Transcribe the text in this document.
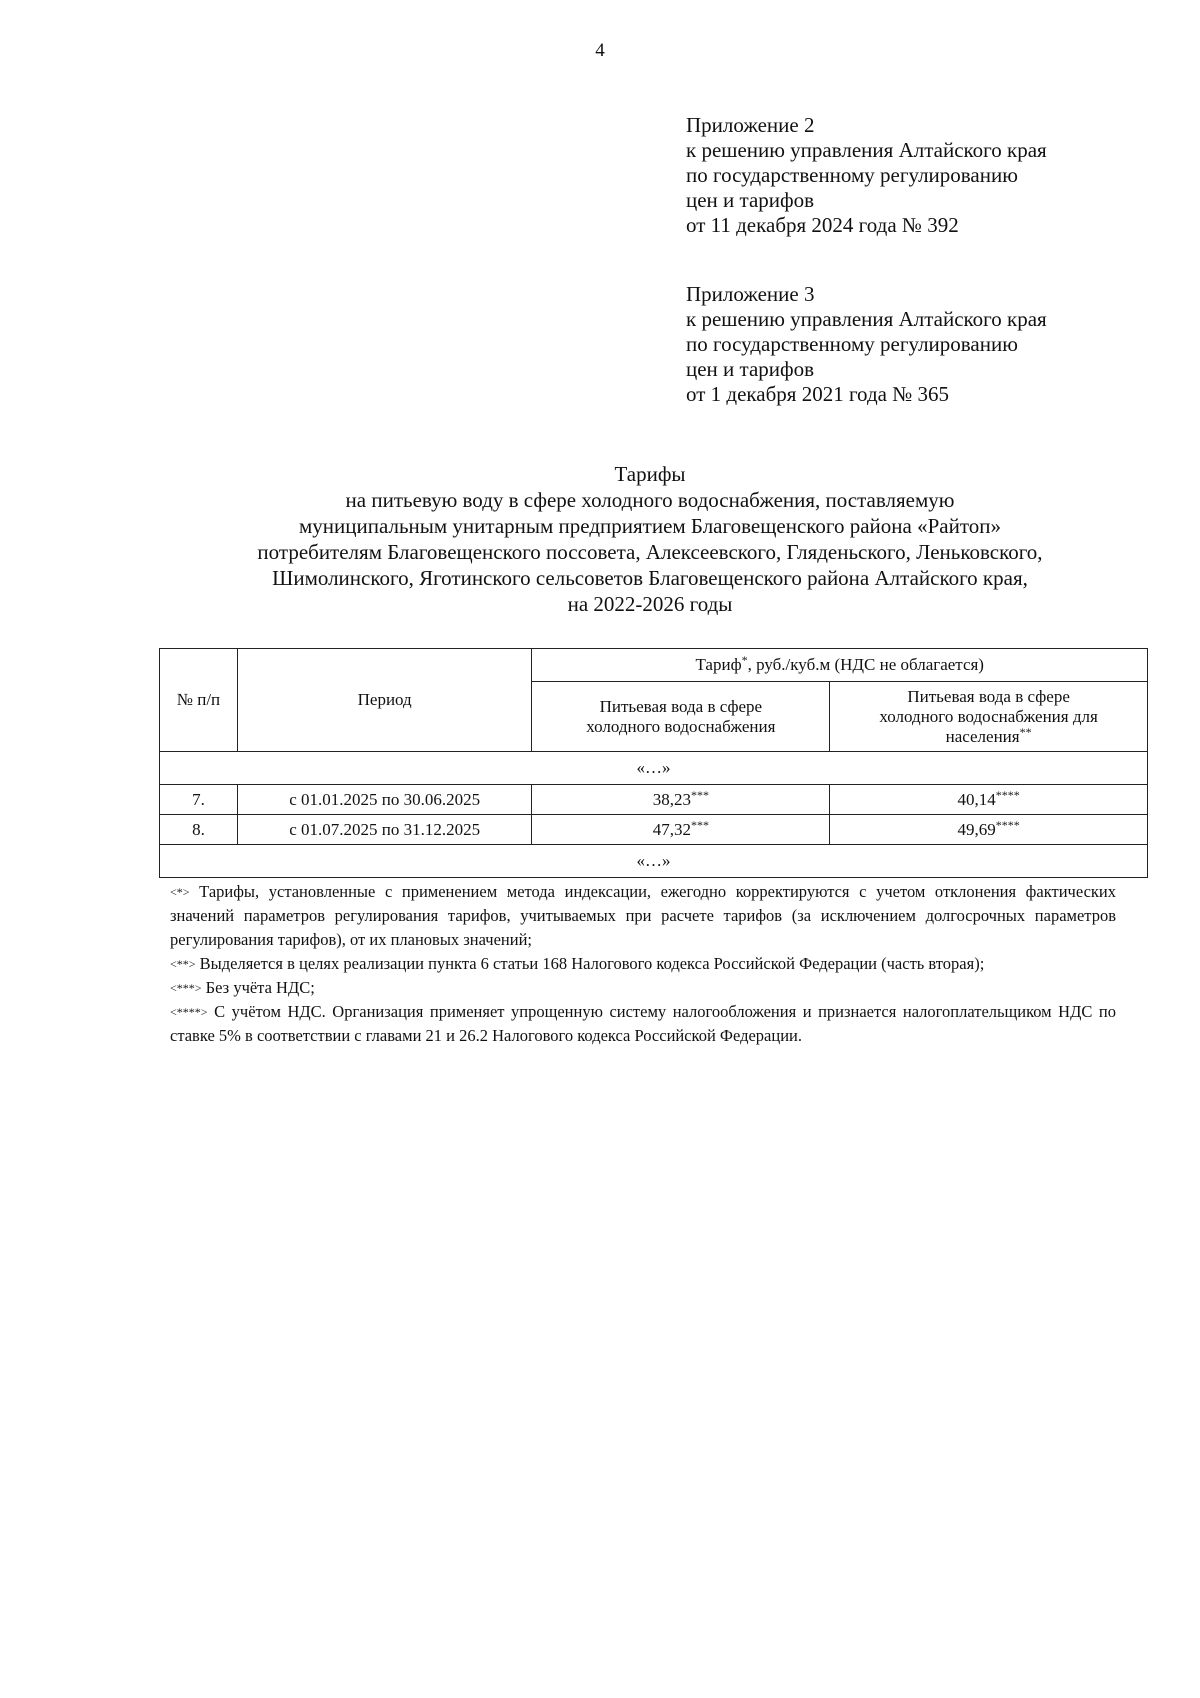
4
Приложение 2
к решению управления Алтайского края
по государственному регулированию
цен и тарифов
от 11 декабря 2024 года № 392
Приложение 3
к решению управления Алтайского края
по государственному регулированию
цен и тарифов
от 1 декабря 2021 года № 365
Тарифы
на питьевую воду в сфере холодного водоснабжения, поставляемую
муниципальным унитарным предприятием Благовещенского района «Райтоп»
потребителям Благовещенского поссовета, Алексеевского, Гляденьского, Леньковского,
Шимолинского, Яготинского сельсоветов Благовещенского района Алтайского края,
на 2022-2026 годы
№ п/п	Период	Тариф*, руб./куб.м (НДС не облагается)	
		Питьевая вода в сфере холодного водоснабжения	Питьевая вода в сфере холодного водоснабжения для населения**
«…»			
7.	с 01.01.2025 по 30.06.2025	38,23***	40,14****
8.	с 01.07.2025 по 31.12.2025	47,32***	49,69****
«…»			

<*> Тарифы, установленные с применением метода индексации, ежегодно корректируются с учетом отклонения фактических значений параметров регулирования тарифов, учитываемых при расчете тарифов (за исключением долгосрочных параметров регулирования тарифов), от их плановых значений;

<**> Выделяется в целях реализации пункта 6 статьи 168 Налогового кодекса Российской Федерации (часть вторая);

<***> Без учёта НДС;

<****> С учётом НДС. Организация применяет упрощенную систему налогообложения и признается налогоплательщиком НДС по ставке 5% в соответствии с главами 21 и 26.2 Налогового кодекса Российской Федерации.
